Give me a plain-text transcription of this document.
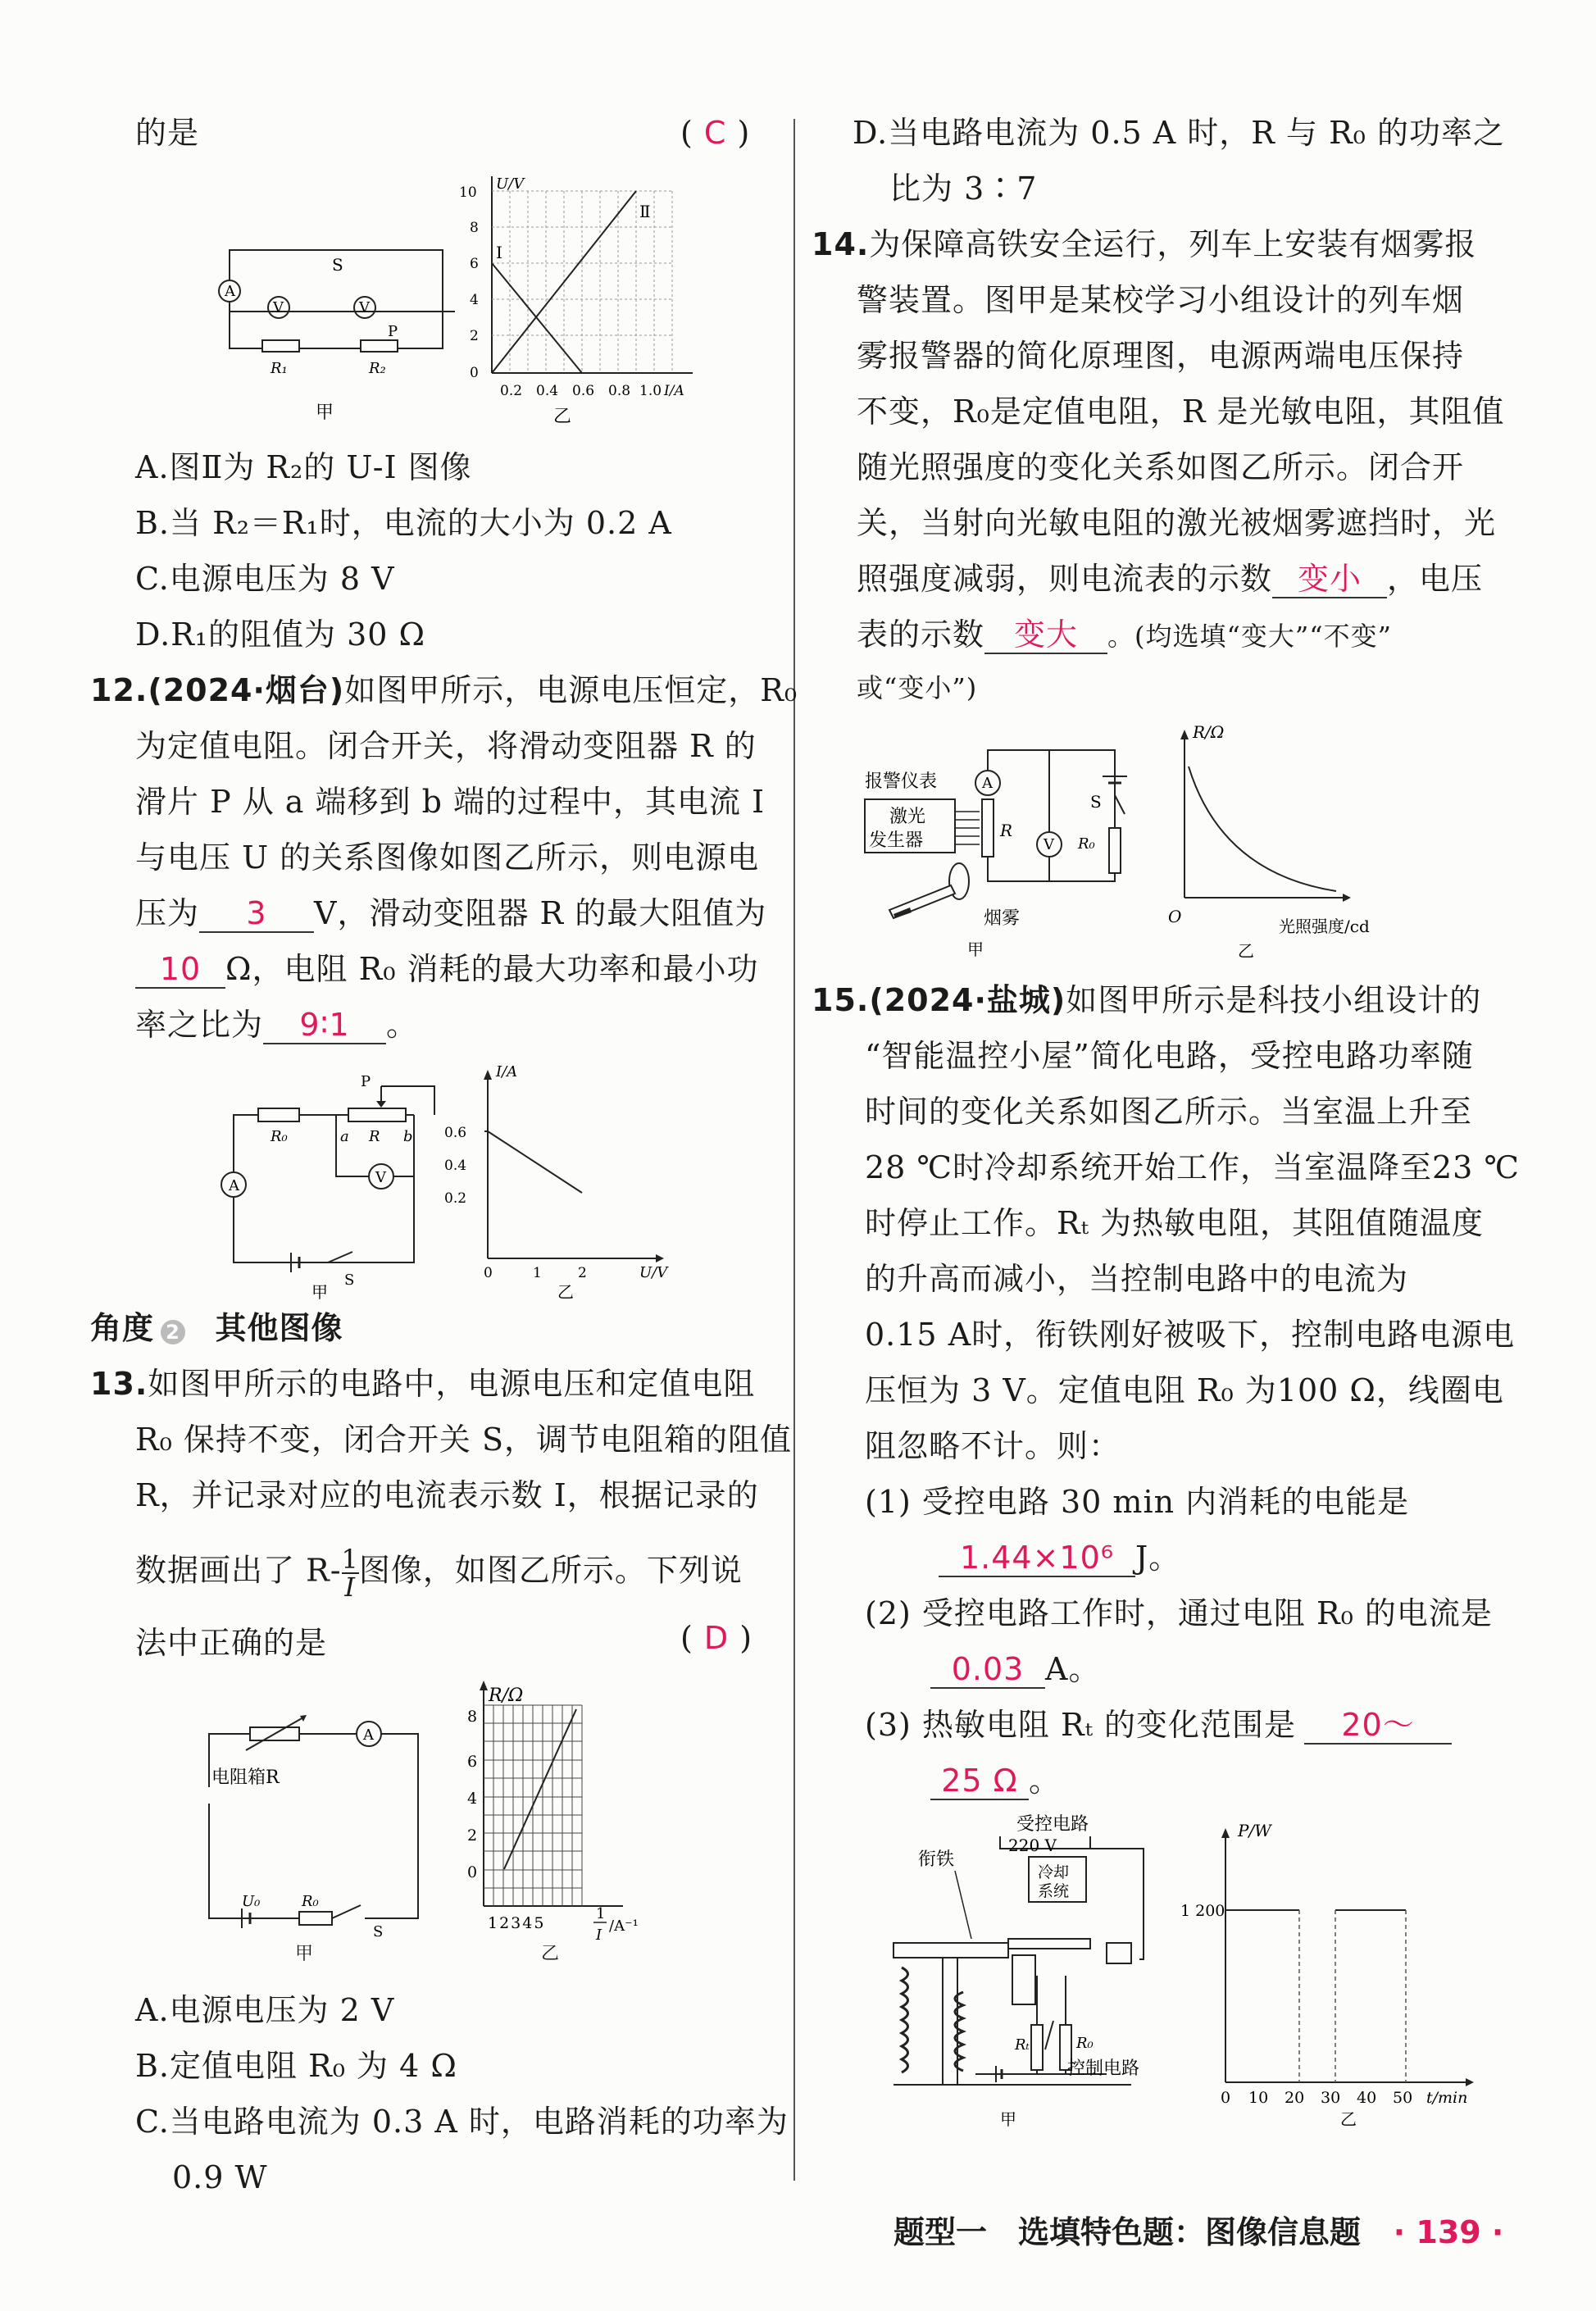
的是	( C )
A
V	V
S
R₁	R₂
P
甲
Ⅱ
Ⅰ
10
8
6
4
2
0
U/V
0.2 0.4 0.6 0.8 1.0 I/A
乙
A.图Ⅱ为 R₂的 U-I 图像
B.当 R₂＝R₁时，电流的大小为 0.2 A
C.电源电压为 8 V
D.R₁的阻值为 30 Ω
12.(2024·烟台)如图甲所示，电源电压恒定，R₀
为定值电阻。闭合开关，将滑动变阻器 R 的
滑片 P 从 a 端移到 b 端的过程中，其电流 I
与电压 U 的关系图像如图乙所示，则电源电
压为 3 V，滑动变阻器 R 的最大阻值为
10 Ω，电阻 R₀ 消耗的最大功率和最小功
率之比为 9∶1 。
A	V
R₀	R
a	b
P
S
甲
0.6
0.4
0.2
I/A
0	1	2	U/V
乙
角度 2 其他图像
13.如图甲所示的电路中，电源电压和定值电阻
R₀ 保持不变，闭合开关 S，调节电阻箱的阻值
R，并记录对应的电流表示数 I，根据记录的
数据画出了 $R- \frac{1}{I}$ 图像，如图乙所示。下列说
法中正确的是	( D )
A
电阻箱R
U₀	R₀
S
8
6
4
2
0
R/Ω
12345
1
I
/A⁻¹
甲	乙
A.电源电压为 2 V
B.定值电阻 R₀ 为 4 Ω
C.当电路电流为 0.3 A 时，电路消耗的功率为
0.9 W
D.当电路电流为 0.5 A 时，R 与 R₀ 的功率之
比为 3∶7
14.为保障高铁安全运行，列车上安装有烟雾报
警装置。图甲是某校学习小组设计的列车烟
雾报警器的简化原理图，电源两端电压保持
不变，R₀是定值电阻，R 是光敏电阻，其阻值
随光照强度的变化关系如图乙所示。闭合开
关，当射向光敏电阻的激光被烟雾遮挡时，光
照强度减弱，则电流表的示数 变小 ，电压
表的示数 变大 。(均选填“变大”“不变”
或“变小”)
A
V
R
R₀
S
报警仪表
激光
发生器
烟雾
甲
R/Ω
O	光照强度/cd
乙
15.(2024·盐城)如图甲所示是科技小组设计的
“智能温控小屋”简化电路，受控电路功率随
时间的变化关系如图乙所示。当室温上升至
28 ℃时冷却系统开始工作，当室温降至23 ℃
时停止工作。Rₜ 为热敏电阻，其阻值随温度
的升高而减小，当控制电路中的电流为
0.15 A时，衔铁刚好被吸下，控制电路电源电
压恒为 3 V。定值电阻 R₀ 为100 Ω，线圈电
阻忽略不计。则：
(1) 受控电路 30 min 内消耗的电能是
1.44×10⁶ J。
(2) 受控电路工作时，通过电阻 R₀ 的电流是
0.03 A。
(3) 热敏电阻 Rₜ 的变化范围是 20～
25 Ω 。
受控电路
220 V
冷却
系统
衔铁
Rₜ	R₀
控制电路
甲
P/W
1 200
0 10 20 30 40 50 t/min
乙
题型一　选填特色题：图像信息题 · 139 ·
